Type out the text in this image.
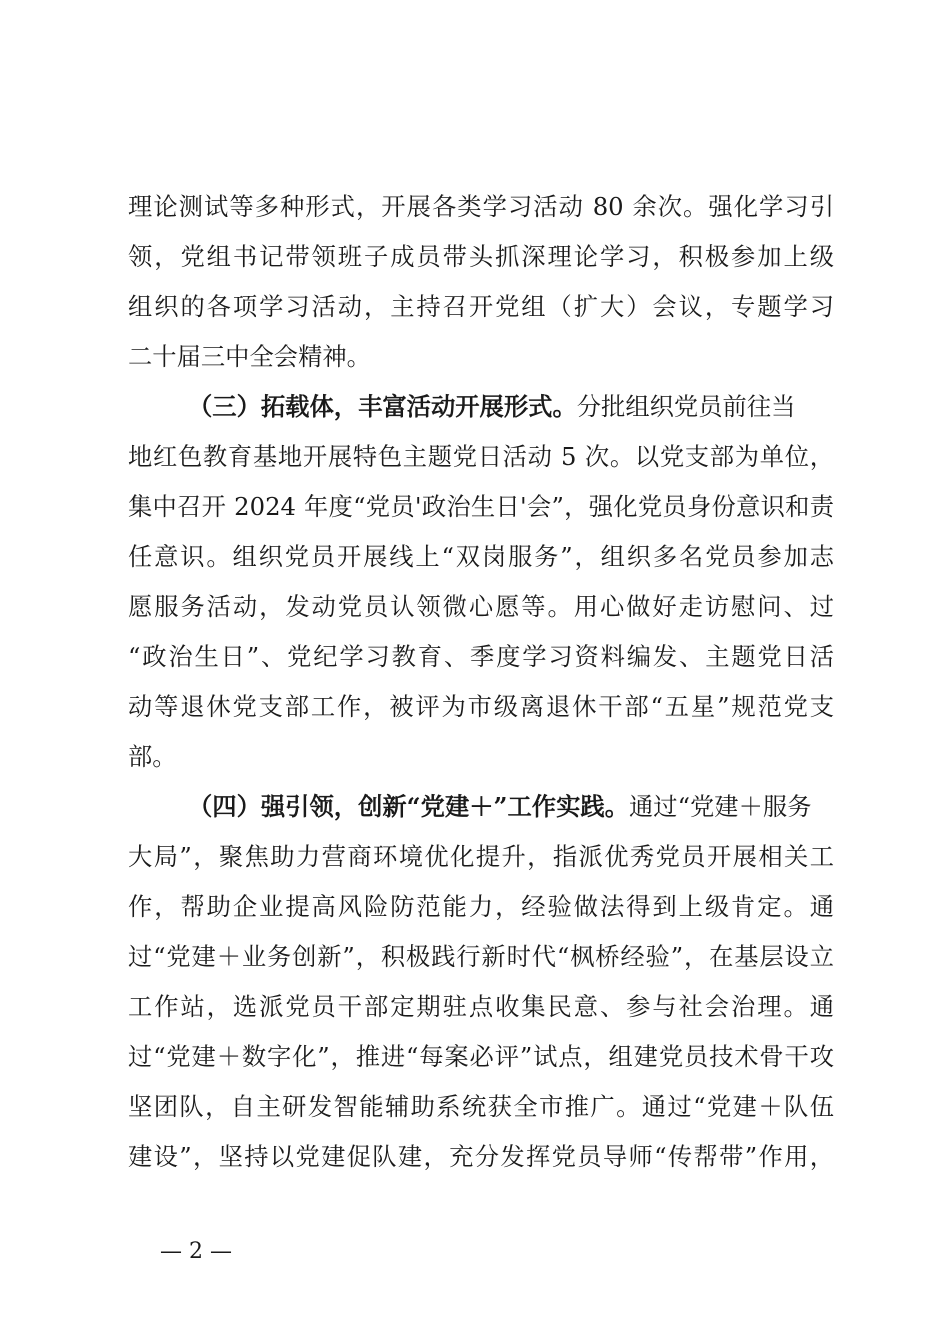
理论测试等多种形式，开展各类学习活动 80 余次。强化学习引
领，党组书记带领班子成员带头抓深理论学习，积极参加上级
组织的各项学习活动，主持召开党组（扩大）会议，专题学习
二十届三中全会精神。
（三）拓载体，丰富活动开展形式。分批组织党员前往当
地红色教育基地开展特色主题党日活动 5 次。以党支部为单位，
集中召开 2024 年度“党员'政治生日'会”，强化党员身份意识和责
任意识。组织党员开展线上“双岗服务”，组织多名党员参加志
愿服务活动，发动党员认领微心愿等。用心做好走访慰问、过
“政治生日”、党纪学习教育、季度学习资料编发、主题党日活
动等退休党支部工作，被评为市级离退休干部“五星”规范党支
部。
（四）强引领，创新“党建＋”工作实践。通过“党建＋服务
大局”，聚焦助力营商环境优化提升，指派优秀党员开展相关工
作，帮助企业提高风险防范能力，经验做法得到上级肯定。通
过“党建＋业务创新”，积极践行新时代“枫桥经验”，在基层设立
工作站，选派党员干部定期驻点收集民意、参与社会治理。通
过“党建＋数字化”，推进“每案必评”试点，组建党员技术骨干攻
坚团队，自主研发智能辅助系统获全市推广。通过“党建＋队伍
建设”，坚持以党建促队建，充分发挥党员导师“传帮带”作用，
— 2 —
